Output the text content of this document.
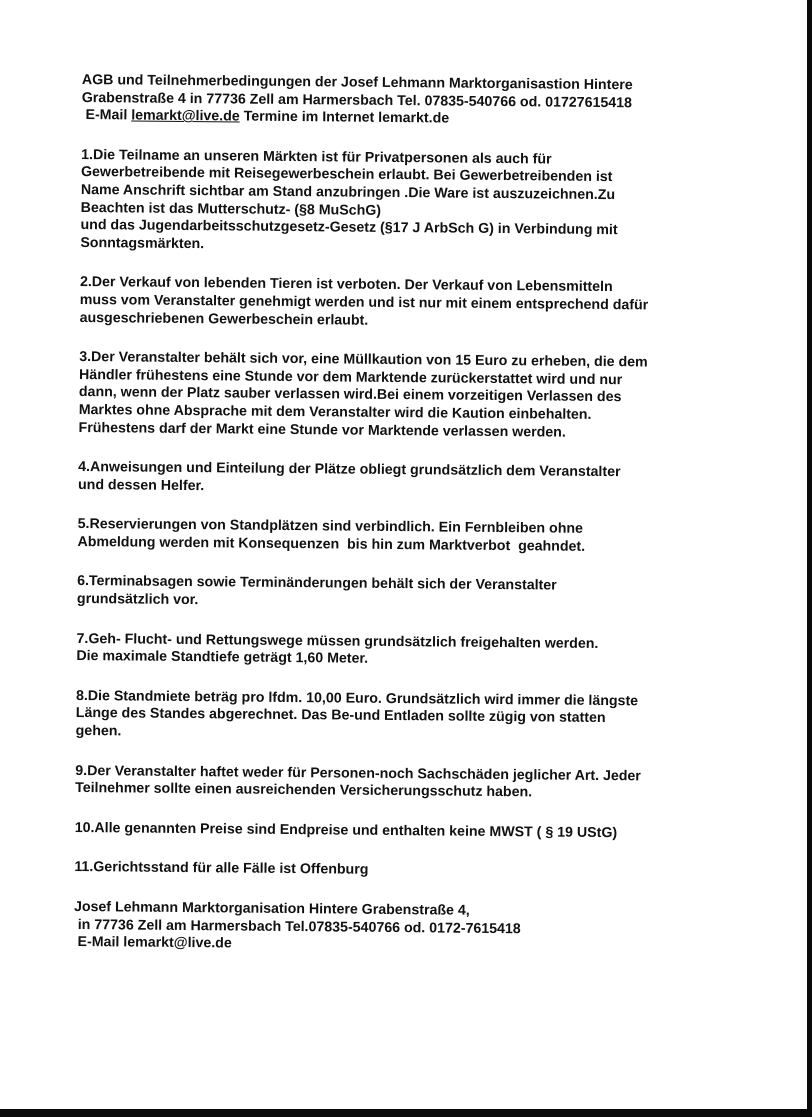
AGB und Teilnehmerbedingungen der Josef Lehmann Marktorganisastion Hintere
Grabenstraße 4 in 77736 Zell am Harmersbach Tel. 07835-540766 od. 01727615418
E-Mail lemarkt@live.de Termine im Internet lemarkt.de
1.Die Teilname an unseren Märkten ist für Privatpersonen als auch für
Gewerbetreibende mit Reisegewerbeschein erlaubt. Bei Gewerbetreibenden ist
Name Anschrift sichtbar am Stand anzubringen .Die Ware ist auszuzeichnen.Zu
Beachten ist das Mutterschutz- (§8 MuSchG)
und das Jugendarbeitsschutzgesetz-Gesetz (§17 J ArbSch G) in Verbindung mit
Sonntagsmärkten.
2.Der Verkauf von lebenden Tieren ist verboten. Der Verkauf von Lebensmitteln
muss vom Veranstalter genehmigt werden und ist nur mit einem entsprechend dafür
ausgeschriebenen Gewerbeschein erlaubt.
3.Der Veranstalter behält sich vor, eine Müllkaution von 15 Euro zu erheben, die dem
Händler frühestens eine Stunde vor dem Marktende zurückerstattet wird und nur
dann, wenn der Platz sauber verlassen wird.Bei einem vorzeitigen Verlassen des
Marktes ohne Absprache mit dem Veranstalter wird die Kaution einbehalten.
Frühestens darf der Markt eine Stunde vor Marktende verlassen werden.
4.Anweisungen und Einteilung der Plätze obliegt grundsätzlich dem Veranstalter
und dessen Helfer.
5.Reservierungen von Standplätzen sind verbindlich. Ein Fernbleiben ohne
Abmeldung werden mit Konsequenzen  bis hin zum Marktverbot  geahndet.
6.Terminabsagen sowie Terminänderungen behält sich der Veranstalter
grundsätzlich vor.
7.Geh- Flucht- und Rettungswege müssen grundsätzlich freigehalten werden.
Die maximale Standtiefe geträgt 1,60 Meter.
8.Die Standmiete beträg pro lfdm. 10,00 Euro. Grundsätzlich wird immer die längste
Länge des Standes abgerechnet. Das Be-und Entladen sollte zügig von statten
gehen.
9.Der Veranstalter haftet weder für Personen-noch Sachschäden jeglicher Art. Jeder
Teilnehmer sollte einen ausreichenden Versicherungsschutz haben.
10.Alle genannten Preise sind Endpreise und enthalten keine MWST ( § 19 UStG)
11.Gerichtsstand für alle Fälle ist Offenburg
Josef Lehmann Marktorganisation Hintere Grabenstraße 4,
in 77736 Zell am Harmersbach Tel.07835-540766 od. 0172-7615418
E-Mail lemarkt@live.de
